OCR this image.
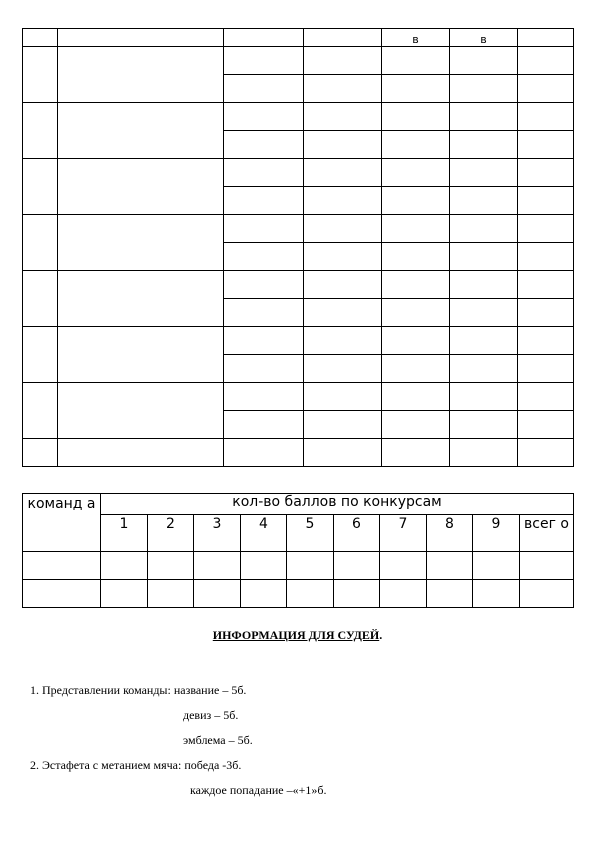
				в	в	

команд а	кол-во баллов по конкурсам									
	1	2	3	4	5	6	7	8	9	всег о

ИНФОРМАЦИЯ ДЛЯ СУДЕЙ.
1. Представлении команды: название – 5б.
девиз – 5б.
эмблема – 5б.
2. Эстафета с метанием мяча: победа -3б.
каждое попадание –«+1»б.
